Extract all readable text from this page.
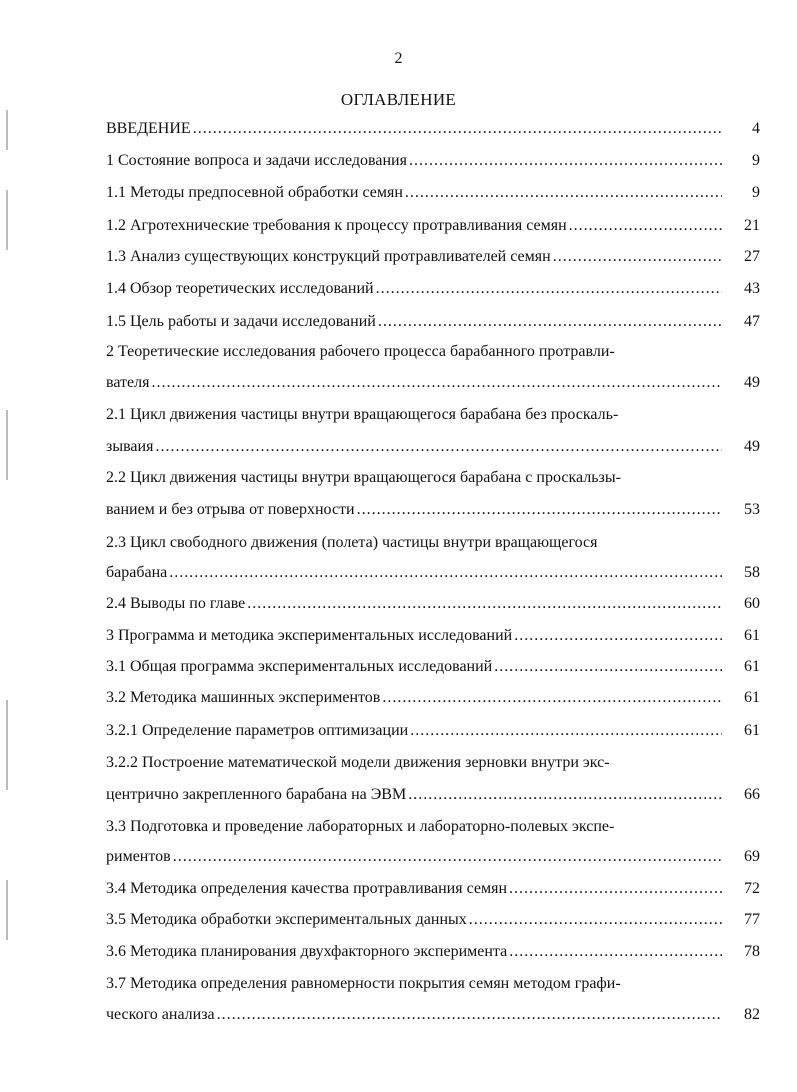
2
ОГЛАВЛЕНИЕ
ВВЕДЕНИЕ .....	4
1 Состояние вопроса и задачи исследования .....	9
1.1 Методы предпосевной обработки семян .....	9
1.2 Агротехнические требования к процессу протравливания семян .....	21
1.3 Анализ существующих конструкций протравливателей семян .....	27
1.4 Обзор теоретических исследований .....	43
1.5 Цель работы и задачи исследований .....	47
2 Теоретические исследования рабочего процесса барабанного протравли-
вателя .....	49
2.1 Цикл движения частицы внутри вращающегося барабана без проскаль-
зываия .....	49
2.2 Цикл движения частицы внутри вращающегося барабана с проскальзы-
ванием и без отрыва от поверхности .....	53
2.3 Цикл свободного движения (полета) частицы внутри вращающегося
барабана .....	58
2.4 Выводы по главе .....	60
3 Программа и методика экспериментальных исследований .....	61
3.1 Общая программа экспериментальных исследований .....	61
3.2 Методика машинных экспериментов .....	61
3.2.1 Определение параметров оптимизации .....	61
3.2.2 Построение математической модели движения зерновки внутри экс-
центрично закрепленного барабана на ЭВМ .....	66
3.3 Подготовка и проведение лабораторных и лабораторно-полевых экспе-
риментов .....	69
3.4 Методика определения качества протравливания семян .....	72
3.5 Методика обработки экспериментальных данных .....	77
3.6 Методика планирования двухфакторного эксперимента .....	78
3.7 Методика определения равномерности покрытия семян методом графи-
ческого анализа .....	82
